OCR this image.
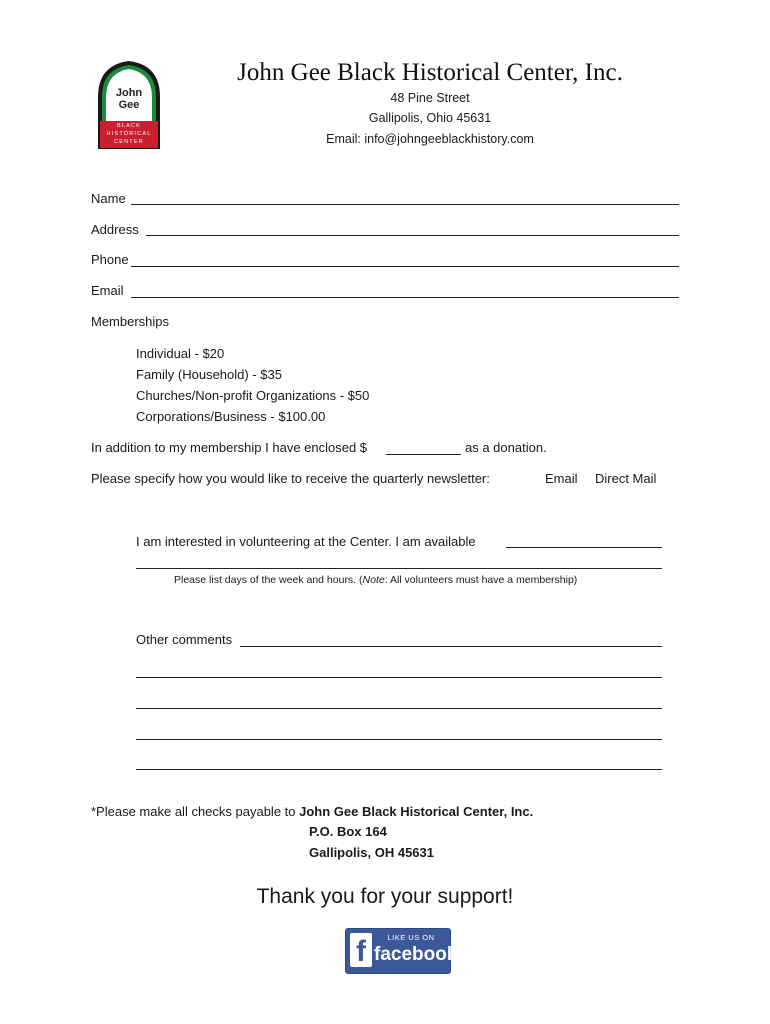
John
Gee
BLACK
HISTORICAL
CENTER
John Gee Black Historical Center, Inc.
48 Pine Street
Gallipolis, Ohio 45631
Email: info@johngeeblackhistory.com
Name
Address
Phone
Email
Memberships
Individual - $20
Family (Household) - $35
Churches/Non-profit Organizations - $50
Corporations/Business - $100.00
In addition to my membership I have enclosed $	as a donation.
Please specify how you would like to receive the quarterly newsletter:	Email Direct Mail
I am interested in volunteering at the Center. I am available
Please list days of the week and hours. (Note: All volunteers must have a membership)
Other comments
*Please make all checks payable to John Gee Black Historical Center, Inc.
P.O. Box 164
Gallipolis, OH 45631
Thank you for your support!
f	LIKE US ON
facebook
